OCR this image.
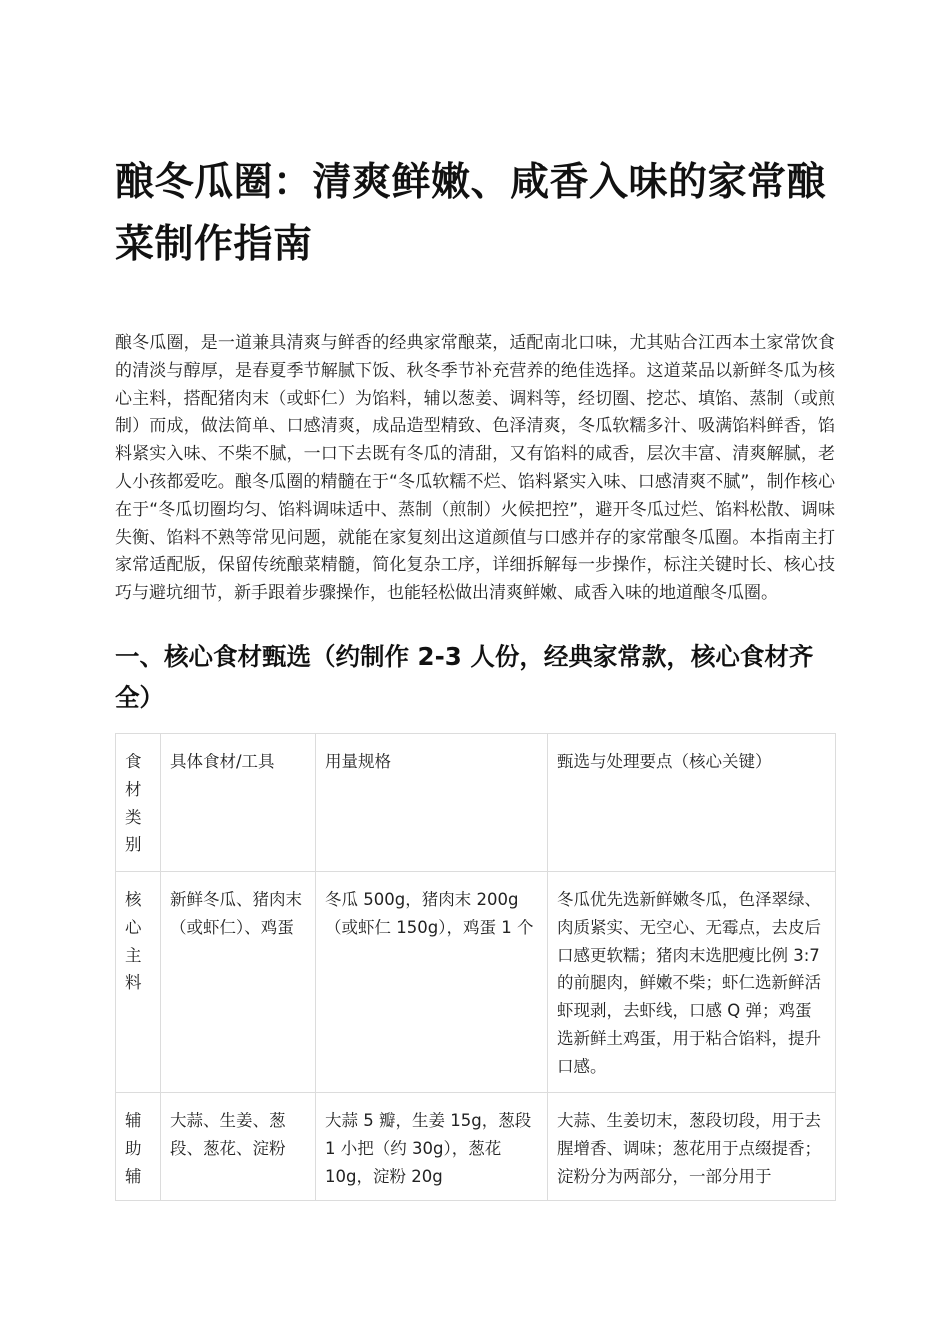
酿冬瓜圈：清爽鲜嫩、咸香入味的家常酿菜制作指南

酿冬瓜圈，是一道兼具清爽与鲜香的经典家常酿菜，适配南北口味，尤其贴合江西本土家常饮食的清淡与醇厚，是春夏季节解腻下饭、秋冬季节补充营养的绝佳选择。这道菜品以新鲜冬瓜为核心主料，搭配猪肉末（或虾仁）为馅料，辅以葱姜、调料等，经切圈、挖芯、填馅、蒸制（或煎制）而成，做法简单、口感清爽，成品造型精致、色泽清爽，冬瓜软糯多汁、吸满馅料鲜香，馅料紧实入味、不柴不腻，一口下去既有冬瓜的清甜，又有馅料的咸香，层次丰富、清爽解腻，老人小孩都爱吃。酿冬瓜圈的精髓在于“冬瓜软糯不烂、馅料紧实入味、口感清爽不腻”，制作核心在于“冬瓜切圈均匀、馅料调味适中、蒸制（煎制）火候把控”，避开冬瓜过烂、馅料松散、调味失衡、馅料不熟等常见问题，就能在家复刻出这道颜值与口感并存的家常酿冬瓜圈。本指南主打家常适配版，保留传统酿菜精髓，简化复杂工序，详细拆解每一步操作，标注关键时长、核心技巧与避坑细节，新手跟着步骤操作，也能轻松做出清爽鲜嫩、咸香入味的地道酿冬瓜圈。

一、核心食材甄选（约制作 2-3 人份，经典家常款，核心食材齐全）
食材类别	具体食材/工具	用量规格	甄选与处理要点（核心关键）
核心主料	新鲜冬瓜、猪肉末（或虾仁）、鸡蛋	冬瓜 500g，猪肉末 200g（或虾仁 150g），鸡蛋 1 个	冬瓜优先选新鲜嫩冬瓜，色泽翠绿、肉质紧实、无空心、无霉点，去皮后口感更软糯；猪肉末选肥瘦比例 3:7 的前腿肉，鲜嫩不柴；虾仁选新鲜活虾现剥，去虾线，口感 Q 弹；鸡蛋选新鲜土鸡蛋，用于粘合馅料，提升口感。
辅助辅	大蒜、生姜、葱段、葱花、淀粉	大蒜 5 瓣，生姜 15g，葱段 1 小把（约 30g），葱花 10g，淀粉 20g	大蒜、生姜切末，葱段切段，用于去腥增香、调味；葱花用于点缀提香；淀粉分为两部分，一部分用于
